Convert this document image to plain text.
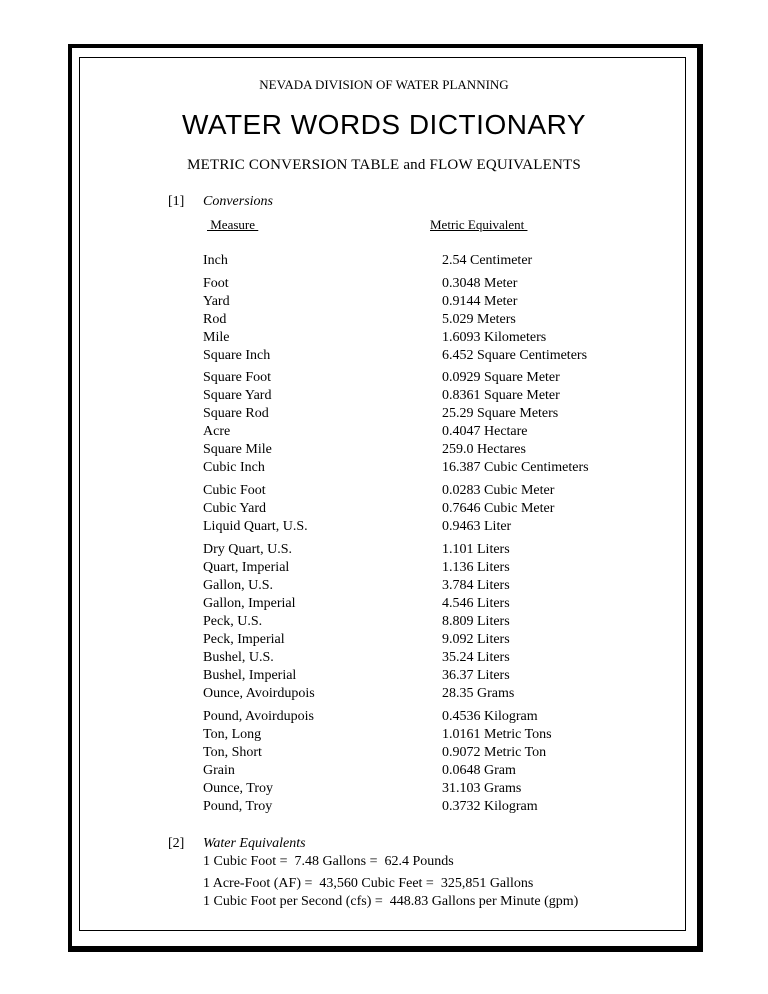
NEVADA DIVISION OF WATER PLANNING
WATER WORDS DICTIONARY
METRIC CONVERSION TABLE and FLOW EQUIVALENTS
[1] Conversions
Measure	Metric Equivalent
Inch	2.54 Centimeter
Foot	0.3048 Meter
Yard	0.9144 Meter
Rod	5.029 Meters
Mile	1.6093 Kilometers
Square Inch	6.452 Square Centimeters
Square Foot	0.0929 Square Meter
Square Yard	0.8361 Square Meter
Square Rod	25.29 Square Meters
Acre	0.4047 Hectare
Square Mile	259.0 Hectares
Cubic Inch	16.387 Cubic Centimeters
Cubic Foot	0.0283 Cubic Meter
Cubic Yard	0.7646 Cubic Meter
Liquid Quart, U.S.	0.9463 Liter
Dry Quart, U.S.	1.101 Liters
Quart, Imperial	1.136 Liters
Gallon, U.S.	3.784 Liters
Gallon, Imperial	4.546 Liters
Peck, U.S.	8.809 Liters
Peck, Imperial	9.092 Liters
Bushel, U.S.	35.24 Liters
Bushel, Imperial	36.37 Liters
Ounce, Avoirdupois	28.35 Grams
Pound, Avoirdupois	0.4536 Kilogram
Ton, Long	1.0161 Metric Tons
Ton, Short	0.9072 Metric Ton
Grain	0.0648 Gram
Ounce, Troy	31.103 Grams
Pound, Troy	0.3732 Kilogram
[2] Water Equivalents
1 Cubic Foot =  7.48 Gallons =  62.4 Pounds
1 Acre-Foot (AF) =  43,560 Cubic Feet =  325,851 Gallons
1 Cubic Foot per Second (cfs) =  448.83 Gallons per Minute (gpm)
